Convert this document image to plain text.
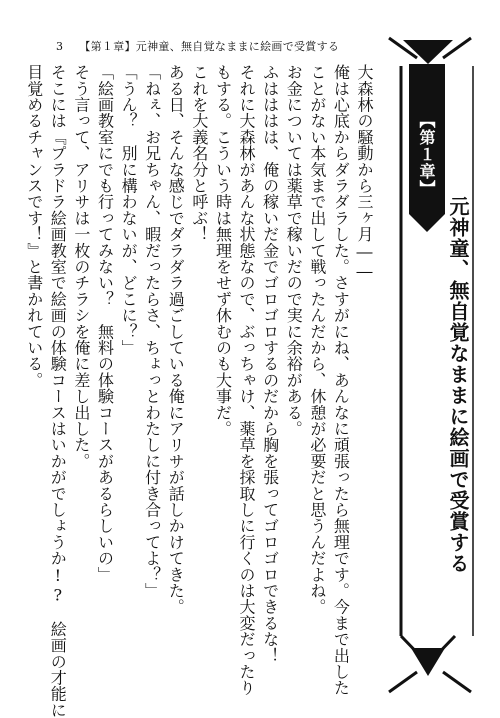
3 【第１章】元神童、無自覚なままに絵画で受賞する
【第１章】
元神童、無自覚なままに絵画で受賞する

大森林の騒動から三ヶ月――

俺は心底からダラダラした。さすがにね、あんなに頑張ったら無理です。今まで出した

ことがない本気まで出して戦ったんだから、休憩が必要だと思うんだよね。

お金については薬草で稼いだので実に余裕がある。

ふはははは、俺の稼いだ金でゴロゴロするのだから胸を張ってゴロゴロできるな！

それに大森林があんな状態なので、ぶっちゃけ、薬草を採取しに行くのは大変だったり

もする。こういう時は無理をせず休むのも大事だ。

これを大義名分と呼ぶ！

ある日、そんな感じでダラダラ過ごしている俺にアリサが話しかけてきた。

「ねぇ、お兄ちゃん、暇だったらさ、ちょっとわたしに付き合ってよ？」

「うん？　別に構わないが、どこに？」

「絵画教室にでも行ってみない？　無料の体験コースがあるらしいの」

そう言って、アリサは一枚のチラシを俺に差し出した。

そこには『プラドラ絵画教室で絵画の体験コースはいかがでしょうか!?　絵画の才能に

目覚めるチャンスです！』と書かれている。
